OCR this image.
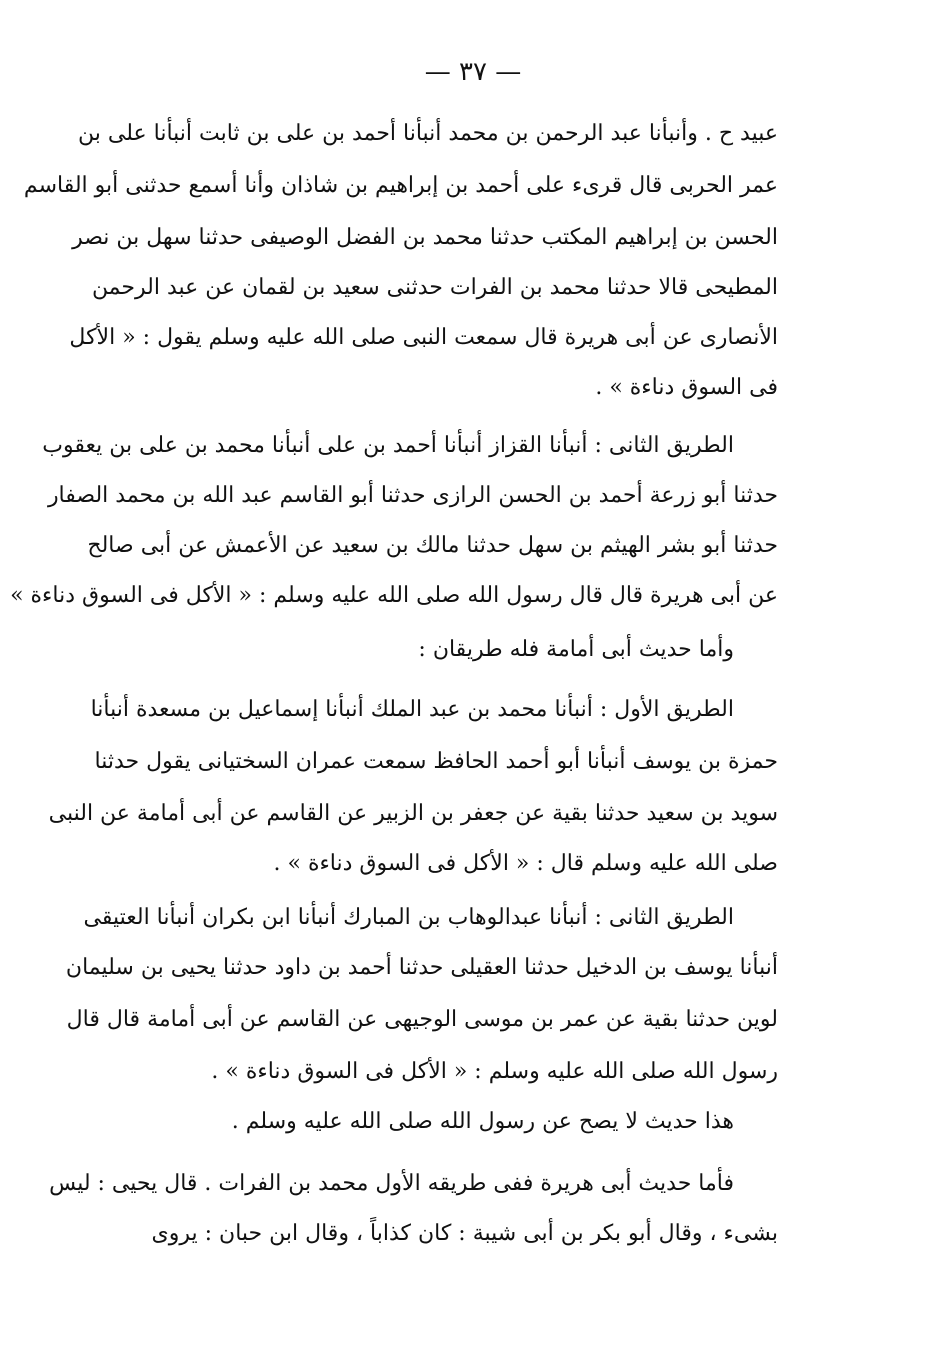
— ٣٧ —
عبيد ح . وأنبأنا عبد الرحمن بن محمد أنبأنا أحمد بن على بن ثابت أنبأنا على بن
عمر الحربى قال قرىء على أحمد بن إبراهيم بن شاذان وأنا أسمع حدثنى أبو القاسم
الحسن بن إبراهيم المكتب حدثنا محمد بن الفضل الوصيفى حدثنا سهل بن نصر
المطيحى قالا حدثنا محمد بن الفرات حدثنى سعيد بن لقمان عن عبد الرحمن
الأنصارى عن أبى هريرة قال سمعت النبى صلى الله عليه وسلم يقول : « الأكل
فى السوق دناءة » .
الطريق الثانى : أنبأنا القزاز أنبأنا أحمد بن على أنبأنا محمد بن على بن يعقوب
حدثنا أبو زرعة أحمد بن الحسن الرازى حدثنا أبو القاسم عبد الله بن محمد الصفار
حدثنا أبو بشر الهيثم بن سهل حدثنا مالك بن سعيد عن الأعمش عن أبى صالح
عن أبى هريرة قال قال رسول الله صلى الله عليه وسلم : « الأكل فى السوق دناءة »
وأما حديث أبى أمامة فله طريقان :
الطريق الأول : أنبأنا محمد بن عبد الملك أنبأنا إسماعيل بن مسعدة أنبأنا
حمزة بن يوسف أنبأنا أبو أحمد الحافظ سمعت عمران السختيانى يقول حدثنا
سويد بن سعيد حدثنا بقية عن جعفر بن الزبير عن القاسم عن أبى أمامة عن النبى
صلى الله عليه وسلم قال : « الأكل فى السوق دناءة » .
الطريق الثانى : أنبأنا عبدالوهاب بن المبارك أنبأنا ابن بكران أنبأنا العتيقى
أنبأنا يوسف بن الدخيل حدثنا العقيلى حدثنا أحمد بن داود حدثنا يحيى بن سليمان
لوين حدثنا بقية عن عمر بن موسى الوجيهى عن القاسم عن أبى أمامة قال قال
رسول الله صلى الله عليه وسلم : « الأكل فى السوق دناءة » .
هذا حديث لا يصح عن رسول الله صلى الله عليه وسلم .
فأما حديث أبى هريرة ففى طريقه الأول محمد بن الفرات . قال يحيى : ليس
بشىء ، وقال أبو بكر بن أبى شيبة : كان كذاباً ، وقال ابن حبان : يروى
